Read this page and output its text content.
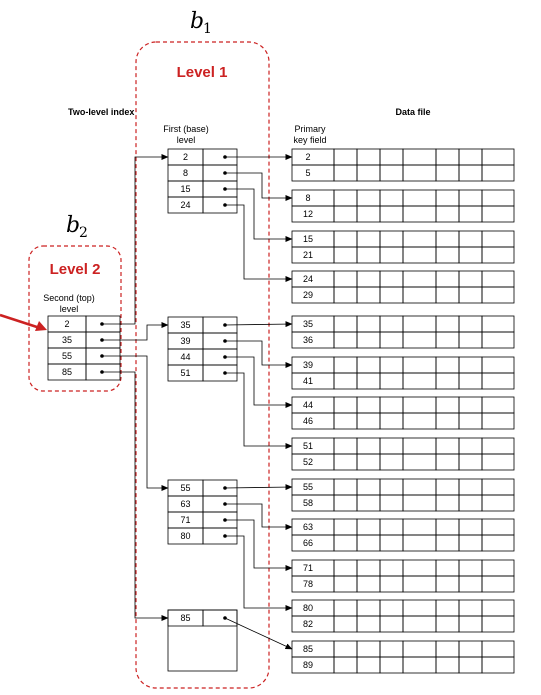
b
1
b
2
Level 1
Level 2
Two-level index	Data file
First (base)
level
Primary
key field
Second (top)
level
2
35
55
85
2
8
15
24
35
39
44
51
55
63
71
80
85
2
5
8
12
15
21
24
29
35
36
39
41
44
46
51
52
55
58
63
66
71
78
80
82
85
89
